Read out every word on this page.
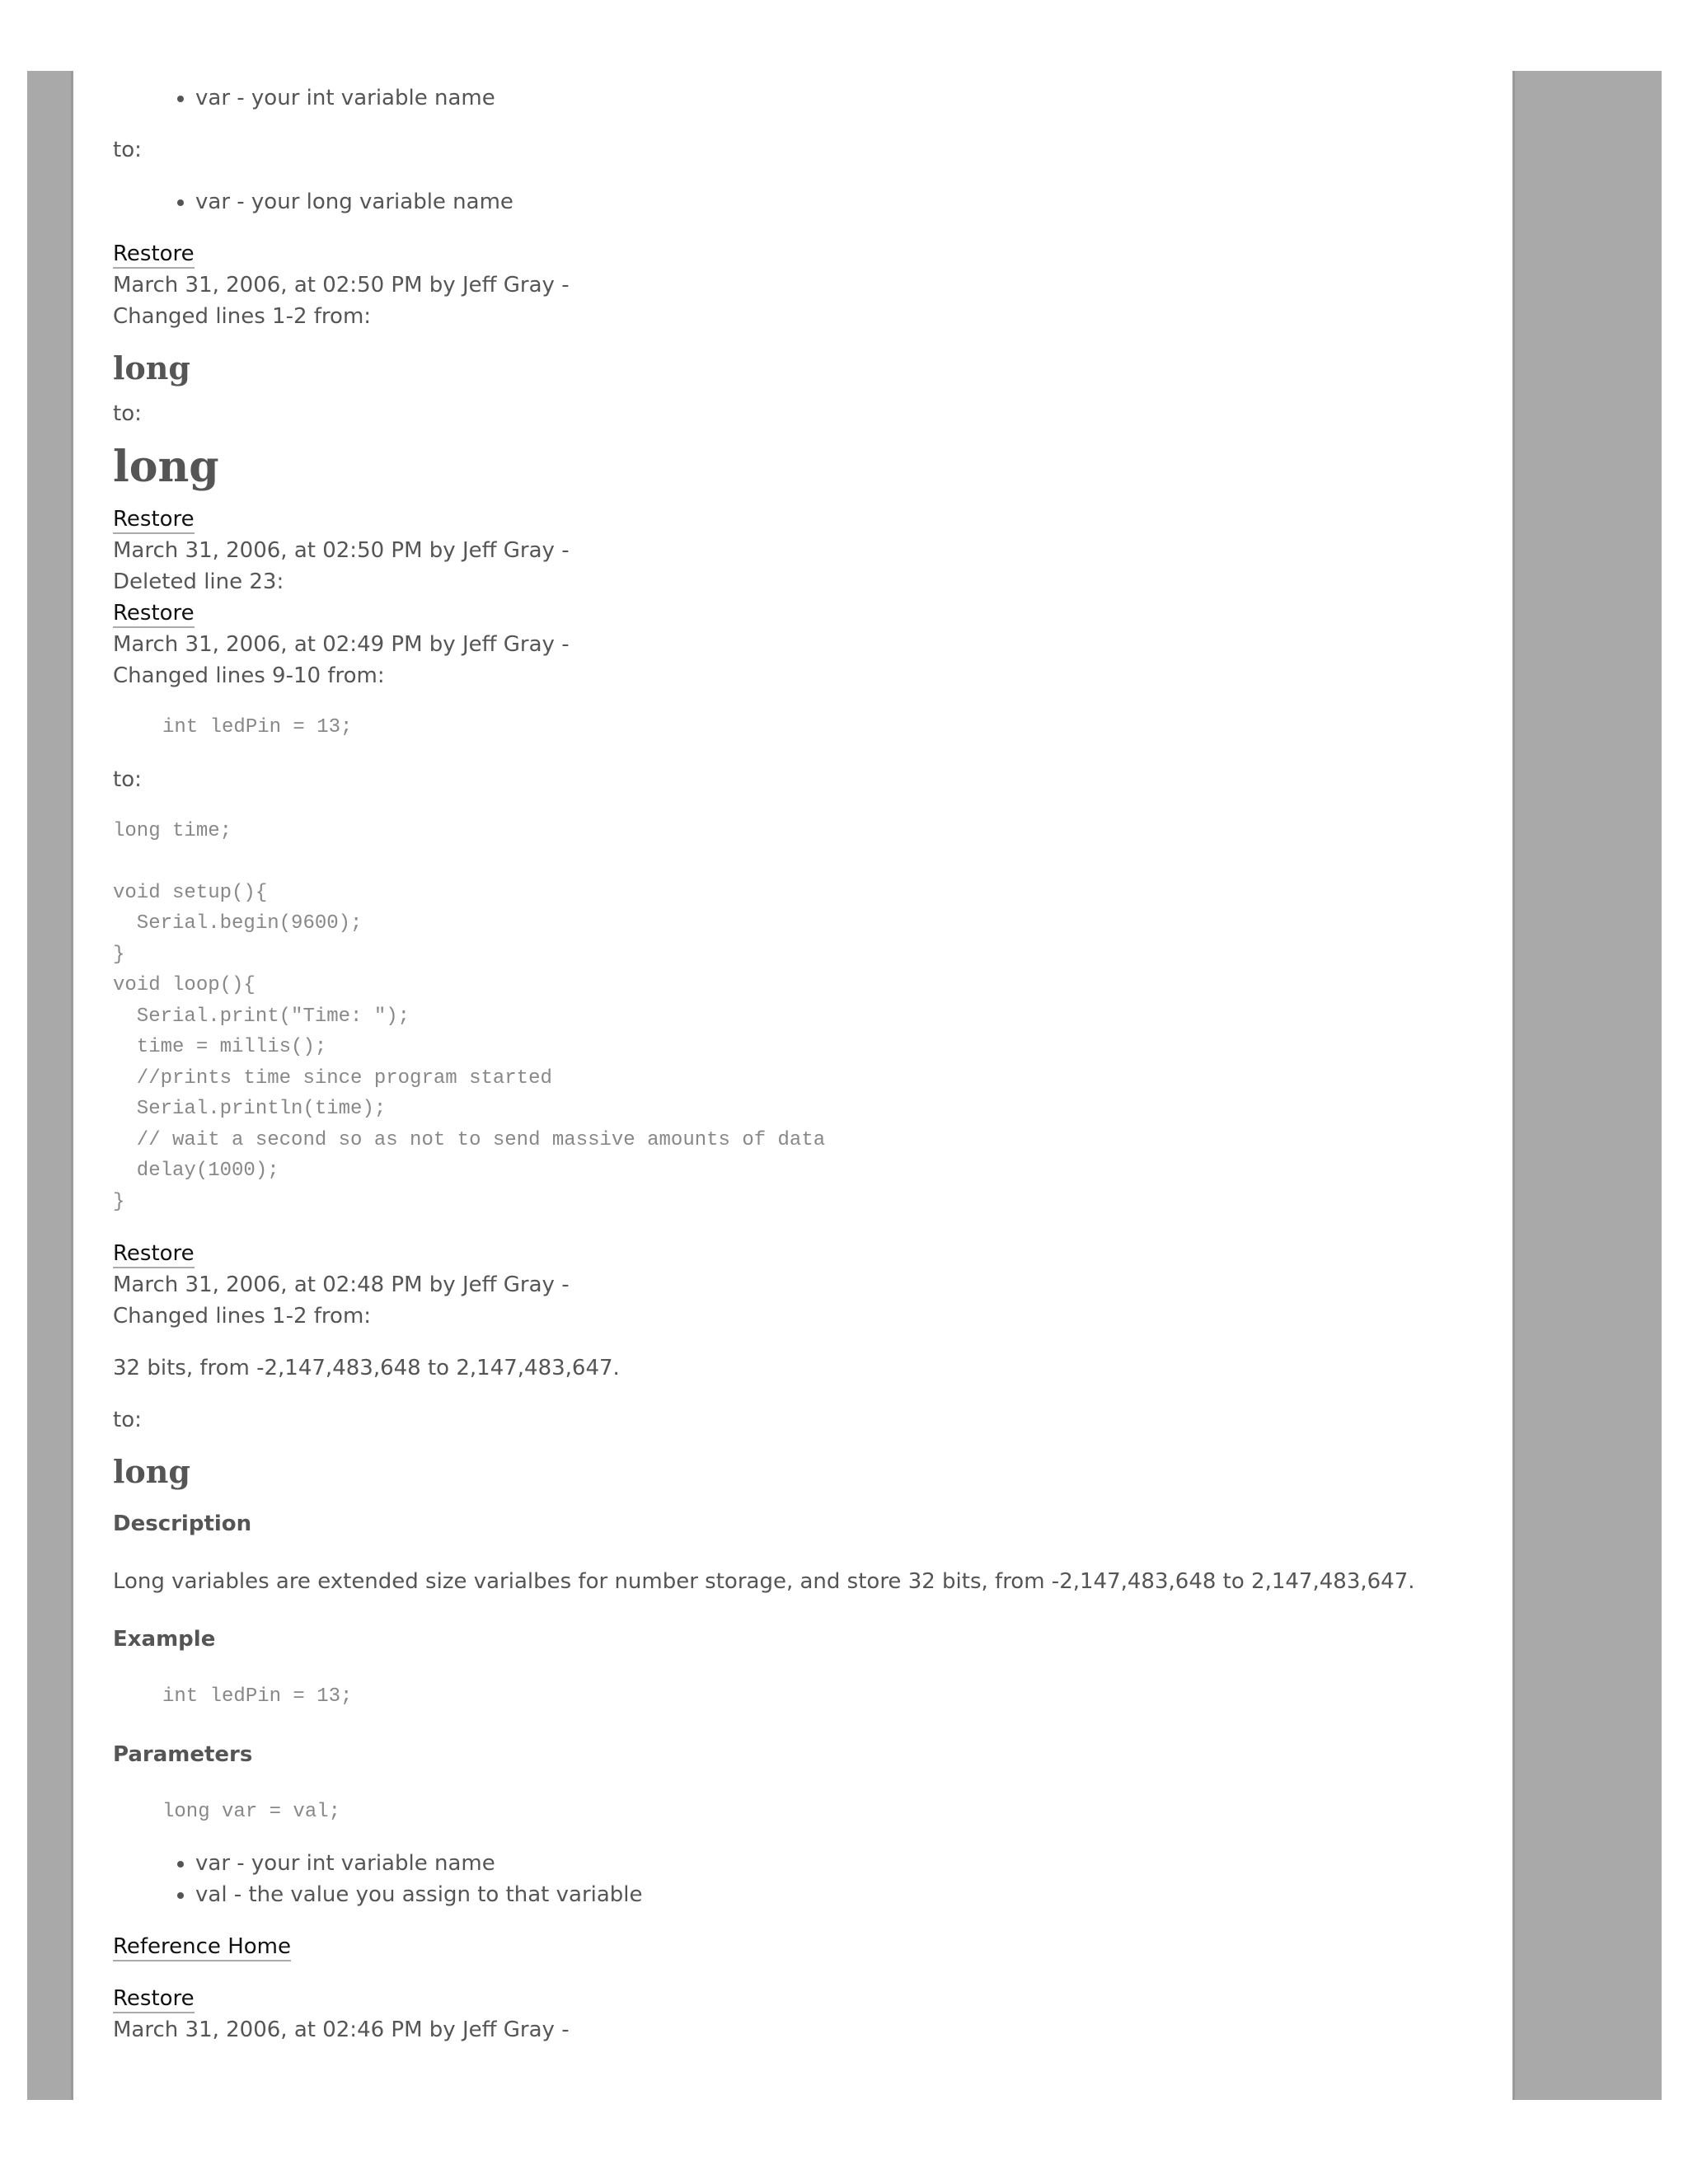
• var - your int variable name

to:

• var - your long variable name

Restore

March 31, 2006, at 02:50 PM by Jeff Gray -

Changed lines 1-2 from:

long

to:

long

Restore

March 31, 2006, at 02:50 PM by Jeff Gray -

Deleted line 23:

Restore

March 31, 2006, at 02:49 PM by Jeff Gray -

Changed lines 9-10 from:

int ledPin = 13;

to:

long time;

void setup(){
Serial.begin(9600);
}
void loop(){
Serial.print("Time: ");
time = millis();
//prints time since program started
Serial.println(time);
// wait a second so as not to send massive amounts of data
delay(1000);
}

Restore

March 31, 2006, at 02:48 PM by Jeff Gray -

Changed lines 1-2 from:

32 bits, from -2,147,483,648 to 2,147,483,647.

to:

long
Description

Long variables are extended size varialbes for number storage, and store 32 bits, from -2,147,483,648 to 2,147,483,647.

Example
int ledPin = 13;
Parameters
long var = val;
• var - your int variable name
• val - the value you assign to that variable

Reference Home

Restore

March 31, 2006, at 02:46 PM by Jeff Gray -
